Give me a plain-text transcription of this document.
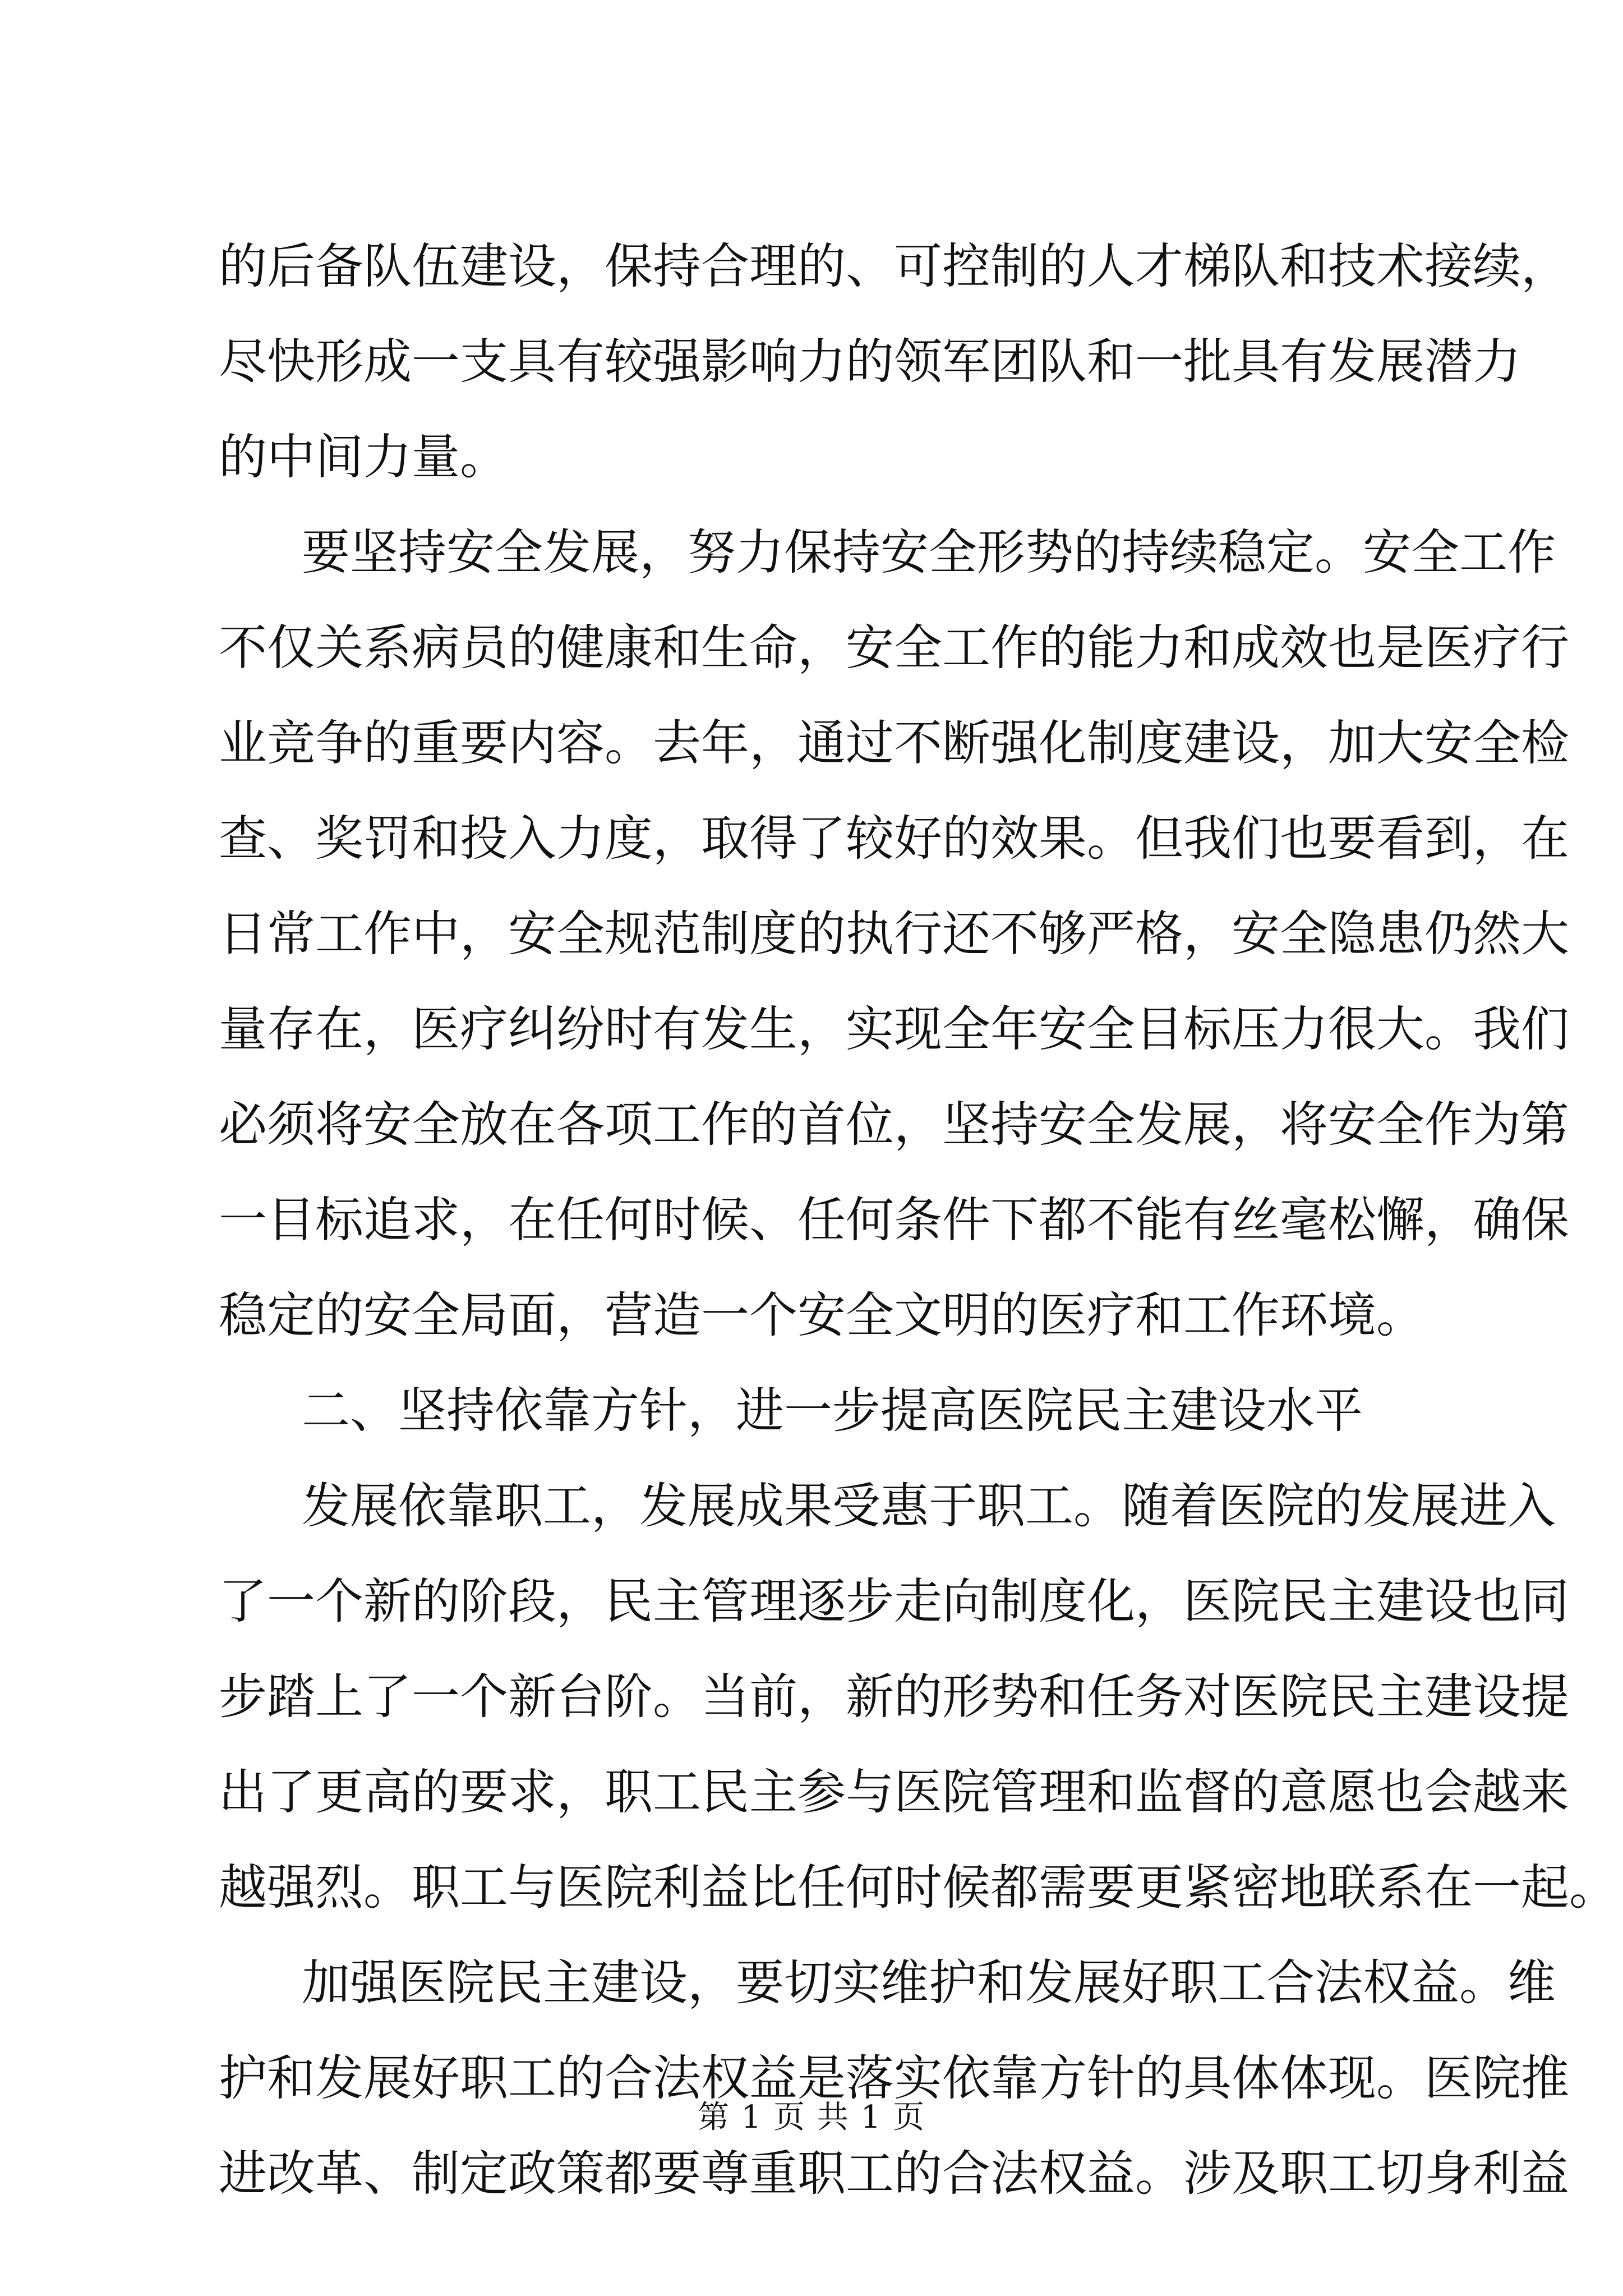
的后备队伍建设，保持合理的、可控制的人才梯队和技术接续，
尽快形成一支具有较强影响力的领军团队和一批具有发展潜力
的中间力量。
要坚持安全发展，努力保持安全形势的持续稳定。安全工作
不仅关系病员的健康和生命，安全工作的能力和成效也是医疗行
业竞争的重要内容。去年，通过不断强化制度建设，加大安全检
查、奖罚和投入力度，取得了较好的效果。但我们也要看到，在
日常工作中，安全规范制度的执行还不够严格，安全隐患仍然大
量存在，医疗纠纷时有发生，实现全年安全目标压力很大。我们
必须将安全放在各项工作的首位，坚持安全发展，将安全作为第
一目标追求，在任何时候、任何条件下都不能有丝毫松懈，确保
稳定的安全局面，营造一个安全文明的医疗和工作环境。
二、坚持依靠方针，进一步提高医院民主建设水平
发展依靠职工，发展成果受惠于职工。随着医院的发展进入
了一个新的阶段，民主管理逐步走向制度化，医院民主建设也同
步踏上了一个新台阶。当前，新的形势和任务对医院民主建设提
出了更高的要求，职工民主参与医院管理和监督的意愿也会越来
越强烈。职工与医院利益比任何时候都需要更紧密地联系在一起。
加强医院民主建设，要切实维护和发展好职工合法权益。维
护和发展好职工的合法权益是落实依靠方针的具体体现。医院推
进改革、制定政策都要尊重职工的合法权益。涉及职工切身利益
第 1 页 共 1 页
